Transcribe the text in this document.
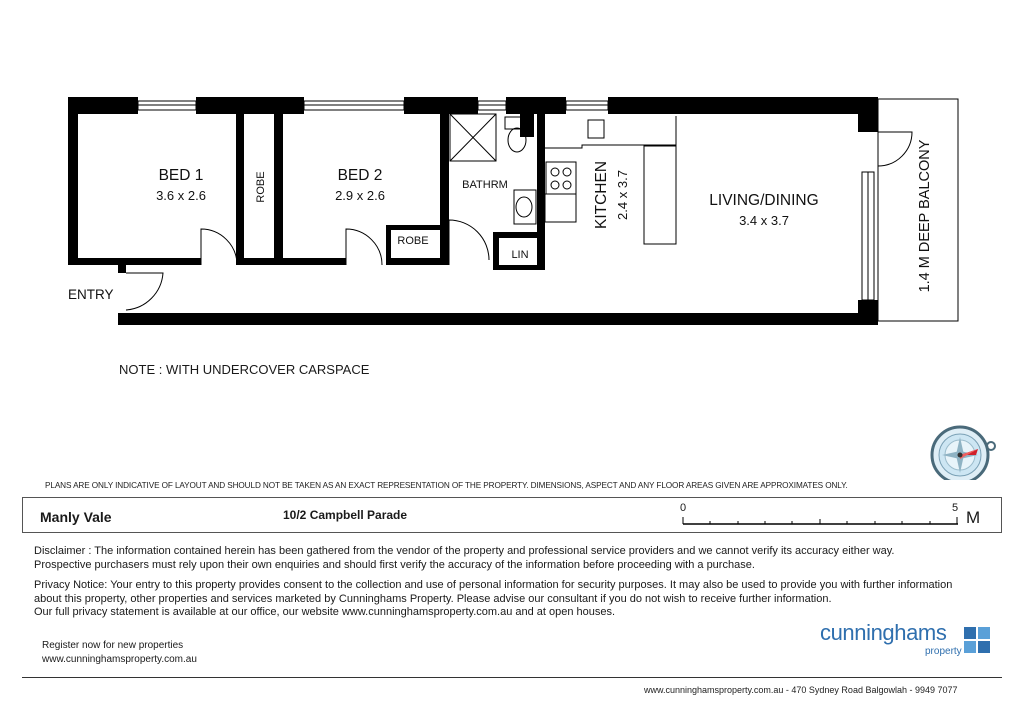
BED 1
3.6 x 2.6	ROBE	BED 2
2.9 x 2.6
ROBE
BATHRM
LIN
KITCHEN 2.4 x 3.7	LIVING/DINING
3.4 x 3.7	1.4 M DEEP BALCONY
ENTRY
NOTE : WITH UNDERCOVER CARSPACE
PLANS ARE ONLY INDICATIVE OF LAYOUT AND SHOULD NOT BE TAKEN AS AN EXACT REPRESENTATION OF THE PROPERTY. DIMENSIONS, ASPECT AND ANY FLOOR AREAS GIVEN ARE APPROXIMATES ONLY.
Manly Vale	10/2 Campbell Parade	0	5 M
Disclaimer : The information contained herein has been gathered from the vendor of the property and professional service providers and we cannot verify its accuracy either way.
Prospective purchasers must rely upon their own enquiries and should first verify the accuracy of the information before proceeding with a purchase.
Privacy Notice: Your entry to this property provides consent to the collection and use of personal information for security purposes. It may also be used to provide you with further information
about this property, other properties and services marketed by Cunninghams Property. Please advise our consultant if you do not wish to receive further information.
Our full privacy statement is available at our office, our website www.cunninghamsproperty.com.au and at open houses.
Register now for new properties
www.cunninghamsproperty.com.au
cunninghams
property
www.cunninghamsproperty.com.au - 470 Sydney Road Balgowlah - 9949 7077
